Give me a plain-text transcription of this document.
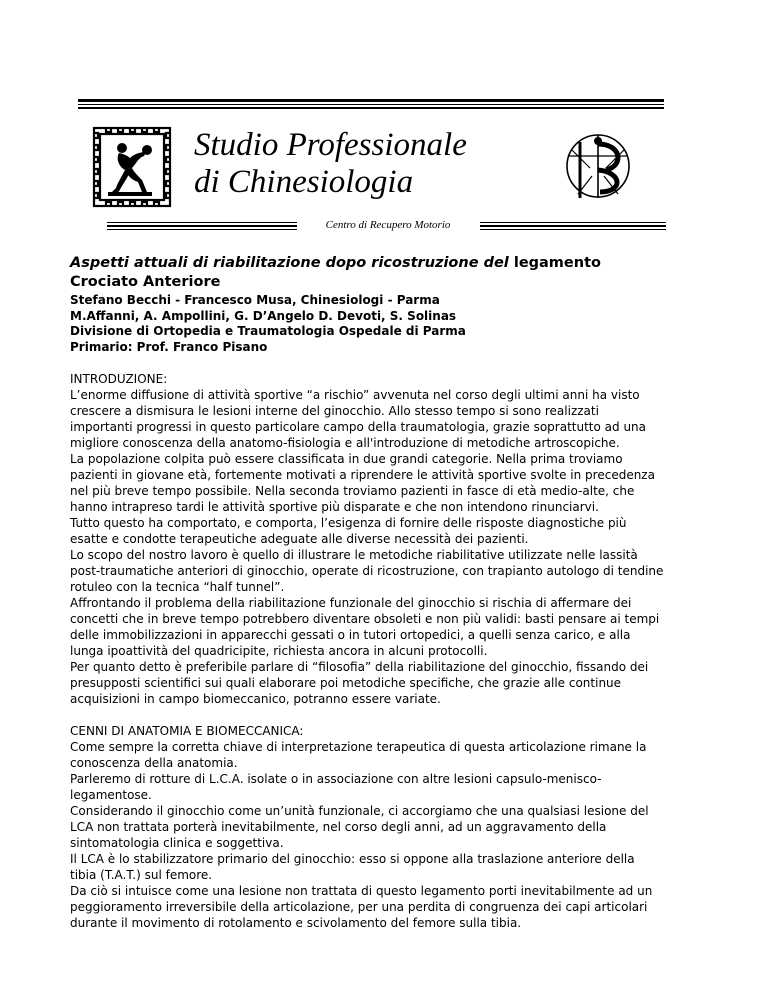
Studio Professionale
di Chinesiologia
Centro di Recupero Motorio
Aspetti attuali di riabilitazione dopo ricostruzione del legamento
Crociato Anteriore
Stefano Becchi - Francesco Musa, Chinesiologi - Parma
M.Affanni, A. Ampollini, G. D’Angelo D. Devoti, S. Solinas
Divisione di Ortopedia e Traumatologia Ospedale di Parma
Primario: Prof. Franco Pisano
INTRODUZIONE:
L’enorme diffusione di attività sportive “a rischio” avvenuta nel corso degli ultimi anni ha visto
crescere a dismisura le lesioni interne del ginocchio. Allo stesso tempo si sono realizzati
importanti progressi in questo particolare campo della traumatologia, grazie soprattutto ad una
migliore conoscenza della anatomo-fisiologia e all'introduzione di metodiche artroscopiche.
La popolazione colpita può essere classificata in due grandi categorie. Nella prima troviamo
pazienti in giovane età, fortemente motivati a riprendere le attività sportive svolte in precedenza
nel più breve tempo possibile. Nella seconda troviamo pazienti in fasce di età medio-alte, che
hanno intrapreso tardi le attività sportive più disparate e che non intendono rinunciarvi.
Tutto questo ha comportato, e comporta, l’esigenza di fornire delle risposte diagnostiche più
esatte e condotte terapeutiche adeguate alle diverse necessità dei pazienti.
Lo scopo del nostro lavoro è quello di illustrare le metodiche riabilitative utilizzate nelle lassità
post-traumatiche anteriori di ginocchio, operate di ricostruzione, con trapianto autologo di tendine
rotuleo con la tecnica “half tunnel”.
Affrontando il problema della riabilitazione funzionale del ginocchio si rischia di affermare dei
concetti che in breve tempo potrebbero diventare obsoleti e non più validi: basti pensare ai tempi
delle immobilizzazioni in apparecchi gessati o in tutori ortopedici, a quelli senza carico, e alla
lunga ipoattività del quadricipite, richiesta ancora in alcuni protocolli.
Per quanto detto è preferibile parlare di “filosofia” della riabilitazione del ginocchio, fissando dei
presupposti scientifici sui quali elaborare poi metodiche specifiche, che grazie alle continue
acquisizioni in campo biomeccanico, potranno essere variate.
CENNI DI ANATOMIA E BIOMECCANICA:
Come sempre la corretta chiave di interpretazione terapeutica di questa articolazione rimane la
conoscenza della anatomia.
Parleremo di rotture di L.C.A. isolate o in associazione con altre lesioni capsulo-menisco-
legamentose.
Considerando il ginocchio come un’unità funzionale, ci accorgiamo che una qualsiasi lesione del
LCA non trattata porterà inevitabilmente, nel corso degli anni, ad un aggravamento della
sintomatologia clinica e soggettiva.
Il LCA è lo stabilizzatore primario del ginocchio: esso si oppone alla traslazione anteriore della
tibia (T.A.T.) sul femore.
Da ciò si intuisce come una lesione non trattata di questo legamento porti inevitabilmente ad un
peggioramento irreversibile della articolazione, per una perdita di congruenza dei capi articolari
durante il movimento di rotolamento e scivolamento del femore sulla tibia.
